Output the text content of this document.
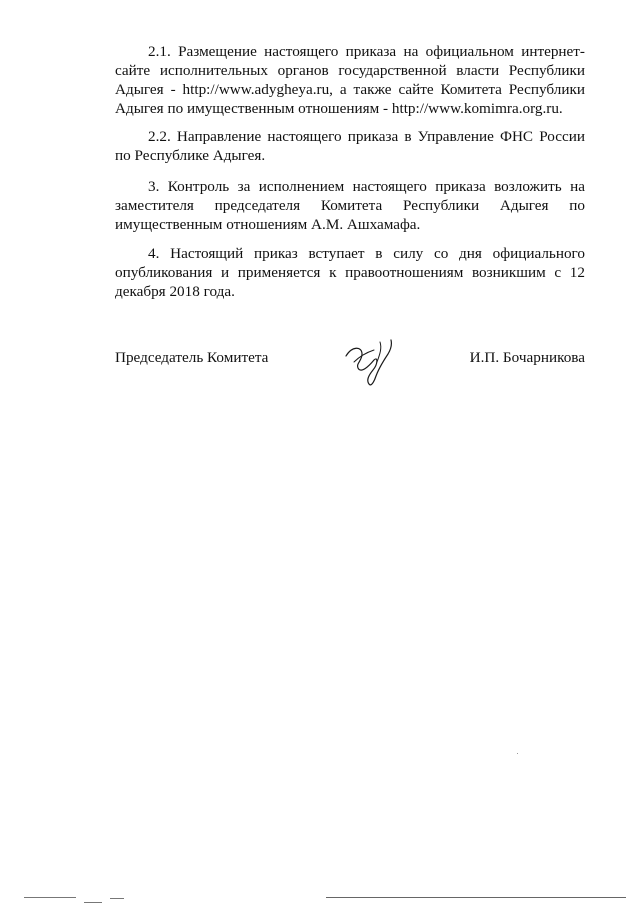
2.1. Размещение настоящего приказа на официальном интернет-сайте исполнительных органов государственной власти Республики Адыгея - http://www.adygheya.ru, а также сайте Комитета Республики Адыгея по имущественным отношениям - http://www.komimra.org.ru.

2.2. Направление настоящего приказа в Управление ФНС России по Республике Адыгея.

3. Контроль за исполнением настоящего приказа возложить на заместителя председателя Комитета Республики Адыгея по имущественным отношениям А.М. Ашхамафа.

4. Настоящий приказ вступает в силу со дня официального опубликования и применяется к правоотношениям возникшим с 12 декабря 2018 года.

Председатель Комитета	И.П. Бочарникова
